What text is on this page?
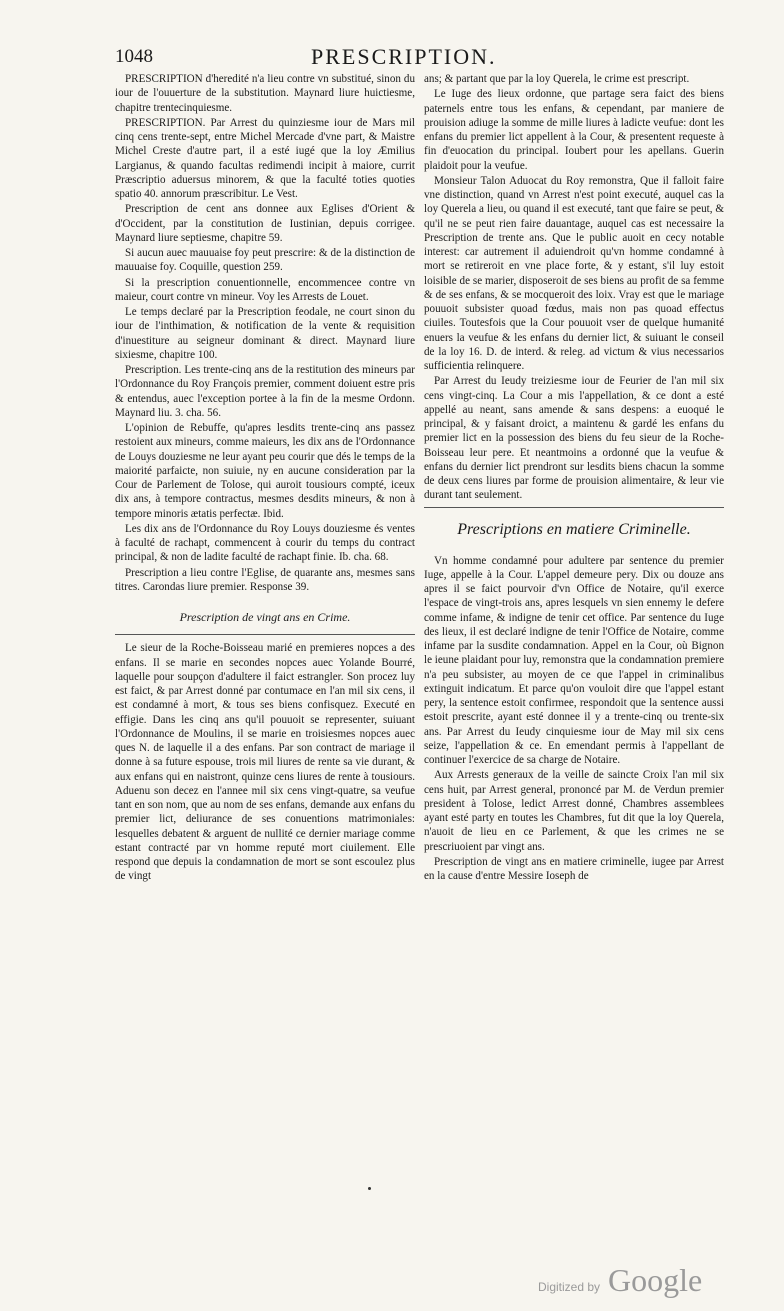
1048	PRESCRIPTION.

PRESCRIPTION d'heredité n'a lieu contre vn substitué, sinon du iour de l'ouuerture de la substitution. Maynard liure huictiesme, chapitre trentecinquiesme.

PRESCRIPTION. Par Arrest du quinziesme iour de Mars mil cinq cens trente-sept, entre Michel Mercade d'vne part, & Maistre Michel Creste d'autre part, il a esté iugé que la loy Æmilius Largianus, & quando facultas redimendi incipit à maiore, currit Præscriptio aduersus minorem, & que la faculté toties quoties spatio 40. annorum præscribitur. Le Vest.

Prescription de cent ans donnee aux Eglises d'Orient & d'Occident, par la constitution de Iustinian, depuis corrigee. Maynard liure septiesme, chapitre 59.

Si aucun auec mauuaise foy peut prescrire: & de la distinction de mauuaise foy. Coquille, question 259.

Si la prescription conuentionnelle, encommencee contre vn maieur, court contre vn mineur. Voy les Arrests de Louet.

Le temps declaré par la Prescription feodale, ne court sinon du iour de l'inthimation, & notification de la vente & requisition d'inuestiture au seigneur dominant & direct. Maynard liure sixiesme, chapitre 100.

Prescription. Les trente-cinq ans de la restitution des mineurs par l'Ordonnance du Roy François premier, comment doiuent estre pris & entendus, auec l'exception portee à la fin de la mesme Ordonn. Maynard liu. 3. cha. 56.

L'opinion de Rebuffe, qu'apres lesdits trente-cinq ans passez restoient aux mineurs, comme maieurs, les dix ans de l'Ordonnance de Louys douziesme ne leur ayant peu courir que dés le temps de la maiorité parfaicte, non suiuie, ny en aucune consideration par la Cour de Parlement de Tolose, qui auroit tousiours compté, iceux dix ans, à tempore contractus, mesmes desdits mineurs, & non à tempore minoris ætatis perfectæ. Ibid.

Les dix ans de l'Ordonnance du Roy Louys douziesme és ventes à faculté de rachapt, commencent à courir du temps du contract principal, & non de ladite faculté de rachapt finie. Ib. cha. 68.

Prescription a lieu contre l'Eglise, de quarante ans, mesmes sans titres. Carondas liure premier. Response 39.

Prescription de vingt ans en Crime.

Le sieur de la Roche-Boisseau marié en premieres nopces a des enfans. Il se marie en secondes nopces auec Yolande Bourré, laquelle pour soupçon d'adultere il faict estrangler. Son procez luy est faict, & par Arrest donné par contumace en l'an mil six cens, il est condamné à mort, & tous ses biens confisquez. Executé en effigie. Dans les cinq ans qu'il pouuoit se representer, suiuant l'Ordonnance de Moulins, il se marie en troisiesmes nopces auec ques N. de laquelle il a des enfans. Par son contract de mariage il donne à sa future espouse, trois mil liures de rente sa vie durant, & aux enfans qui en naistront, quinze cens liures de rente à tousiours. Aduenu son decez en l'annee mil six cens vingt-quatre, sa veufue tant en son nom, que au nom de ses enfans, demande aux enfans du premier lict, deliurance de ses conuentions matrimoniales: lesquelles debatent & arguent de nullité ce dernier mariage comme estant contracté par vn homme reputé mort ciuilement. Elle respond que depuis la condamnation de mort se sont escoulez plus de vingt

ans; & partant que par la loy Querela, le crime est prescript.

Le Iuge des lieux ordonne, que partage sera faict des biens paternels entre tous les enfans, & cependant, par maniere de prouision adiuge la somme de mille liures à ladicte veufue: dont les enfans du premier lict appellent à la Cour, & presentent requeste à fin d'euocation du principal. Ioubert pour les apellans. Guerin plaidoit pour la veufue.

Monsieur Talon Aduocat du Roy remonstra, Que il falloit faire vne distinction, quand vn Arrest n'est point executé, auquel cas la loy Querela a lieu, ou quand il est executé, tant que faire se peut, & qu'il ne se peut rien faire dauantage, auquel cas est necessaire la Prescription de trente ans. Que le public auoit en cecy notable interest: car autrement il aduiendroit qu'vn homme condamné à mort se retireroit en vne place forte, & y estant, s'il luy estoit loisible de se marier, disposeroit de ses biens au profit de sa femme & de ses enfans, & se mocqueroit des loix. Vray est que le mariage pouuoit subsister quoad fœdus, mais non pas quoad effectus ciuiles. Toutesfois que la Cour pouuoit vser de quelque humanité enuers la veufue & les enfans du dernier lict, & suiuant le conseil de la loy 16. D. de interd. & releg. ad victum & vius necessarios sufficientia relinquere.

Par Arrest du Ieudy treiziesme iour de Feurier de l'an mil six cens vingt-cinq. La Cour a mis l'appellation, & ce dont a esté appellé au neant, sans amende & sans despens: a euoqué le principal, & y faisant droict, a maintenu & gardé les enfans du premier lict en la possession des biens du feu sieur de la Roche-Boisseau leur pere. Et neantmoins a ordonné que la veufue & enfans du dernier lict prendront sur lesdits biens chacun la somme de deux cens liures par forme de prouision alimentaire, & leur vie durant tant seulement.

Prescriptions en matiere Criminelle.

Vn homme condamné pour adultere par sentence du premier Iuge, appelle à la Cour. L'appel demeure pery. Dix ou douze ans apres il se faict pourvoir d'vn Office de Notaire, qu'il exerce l'espace de vingt-trois ans, apres lesquels vn sien ennemy le defere comme infame, & indigne de tenir cet office. Par sentence du Iuge des lieux, il est declaré indigne de tenir l'Office de Notaire, comme infame par la susdite condamnation. Appel en la Cour, où Bignon le ieune plaidant pour luy, remonstra que la condamnation premiere n'a peu subsister, au moyen de ce que l'appel in criminalibus extinguit indicatum. Et parce qu'on vouloit dire que l'appel estant pery, la sentence estoit confirmee, respondoit que la sentence aussi estoit prescrite, ayant esté donnee il y a trente-cinq ou trente-six ans. Par Arrest du Ieudy cinquiesme iour de May mil six cens seize, l'appellation & ce. En emendant permis à l'appellant de continuer l'exercice de sa charge de Notaire.

Aux Arrests generaux de la veille de saincte Croix l'an mil six cens huit, par Arrest general, prononcé par M. de Verdun premier president à Tolose, ledict Arrest donné, Chambres assemblees ayant esté party en toutes les Chambres, fut dit que la loy Querela, n'auoit de lieu en ce Parlement, & que les crimes ne se prescriuoient par vingt ans.

Prescription de vingt ans en matiere criminelle, iugee par Arrest en la cause d'entre Messire Ioseph de

Digitized by Google
